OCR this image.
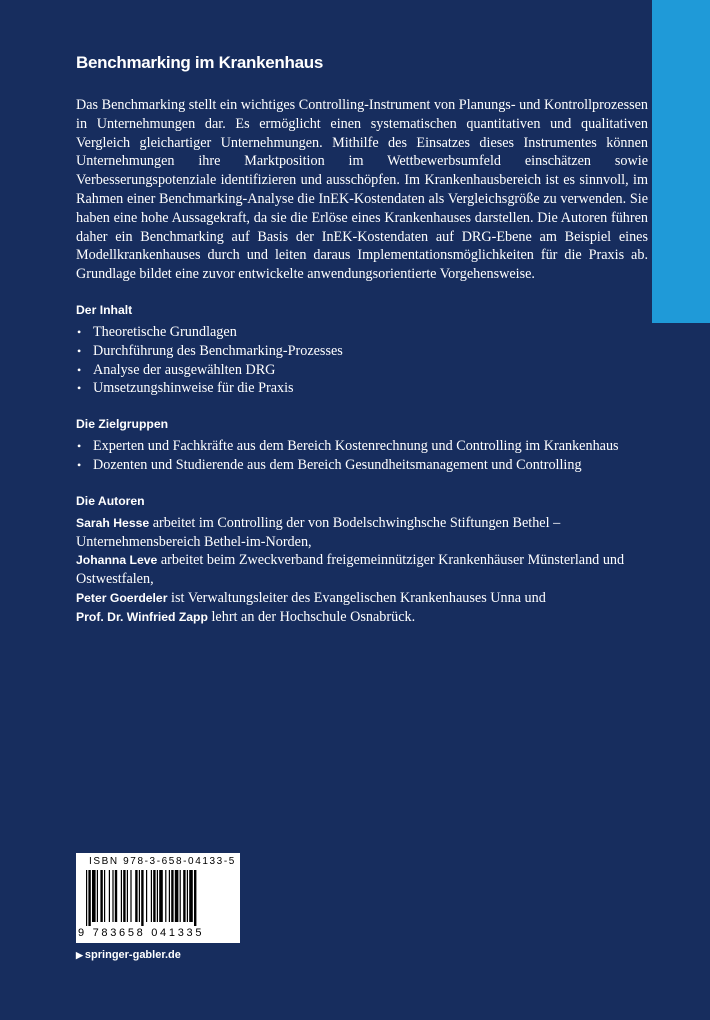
Benchmarking im Krankenhaus

Das Benchmarking stellt ein wichtiges Controlling-Instrument von Planungs- und Kontrollprozessen in Unternehmungen dar. Es ermöglicht einen systematischen quantitativen und qualitativen Vergleich gleichartiger Unternehmungen. Mithilfe des Einsatzes dieses Instrumentes können Unternehmungen ihre Marktposition im Wettbewerbsumfeld einschätzen sowie Verbesserungspotenziale identifizieren und ausschöpfen. Im Krankenhausbereich ist es sinnvoll, im Rahmen einer Benchmarking-Analyse die InEK-Kostendaten als Vergleichsgröße zu verwenden. Sie haben eine hohe Aussagekraft, da sie die Erlöse eines Krankenhauses darstellen. Die Autoren führen daher ein Benchmarking auf Basis der InEK-Kostendaten auf DRG-Ebene am Beispiel eines Modellkrankenhauses durch und leiten daraus Implementationsmöglichkeiten für die Praxis ab. Grundlage bildet eine zuvor entwickelte anwendungsorientierte Vorgehensweise.

Der Inhalt
• Theoretische Grundlagen
• Durchführung des Benchmarking-Prozesses
• Analyse der ausgewählten DRG
• Umsetzungshinweise für die Praxis
Die Zielgruppen
• Experten und Fachkräfte aus dem Bereich Kostenrechnung und Controlling im Krankenhaus
• Dozenten und Studierende aus dem Bereich Gesundheitsmanagement und Controlling
Die Autoren

Sarah Hesse arbeitet im Controlling der von Bodelschwinghsche Stiftungen Bethel – Unternehmensbereich Bethel-im-Norden,
Johanna Leve arbeitet beim Zweckverband freigemeinnütziger Krankenhäuser Münsterland und Ostwestfalen,
Peter Goerdeler ist Verwaltungsleiter des Evangelischen Krankenhauses Unna und
Prof. Dr. Winfried Zapp lehrt an der Hochschule Osnabrück.

ISBN 978-3-658-04133-5
9 783658 041335
▶ springer-gabler.de
